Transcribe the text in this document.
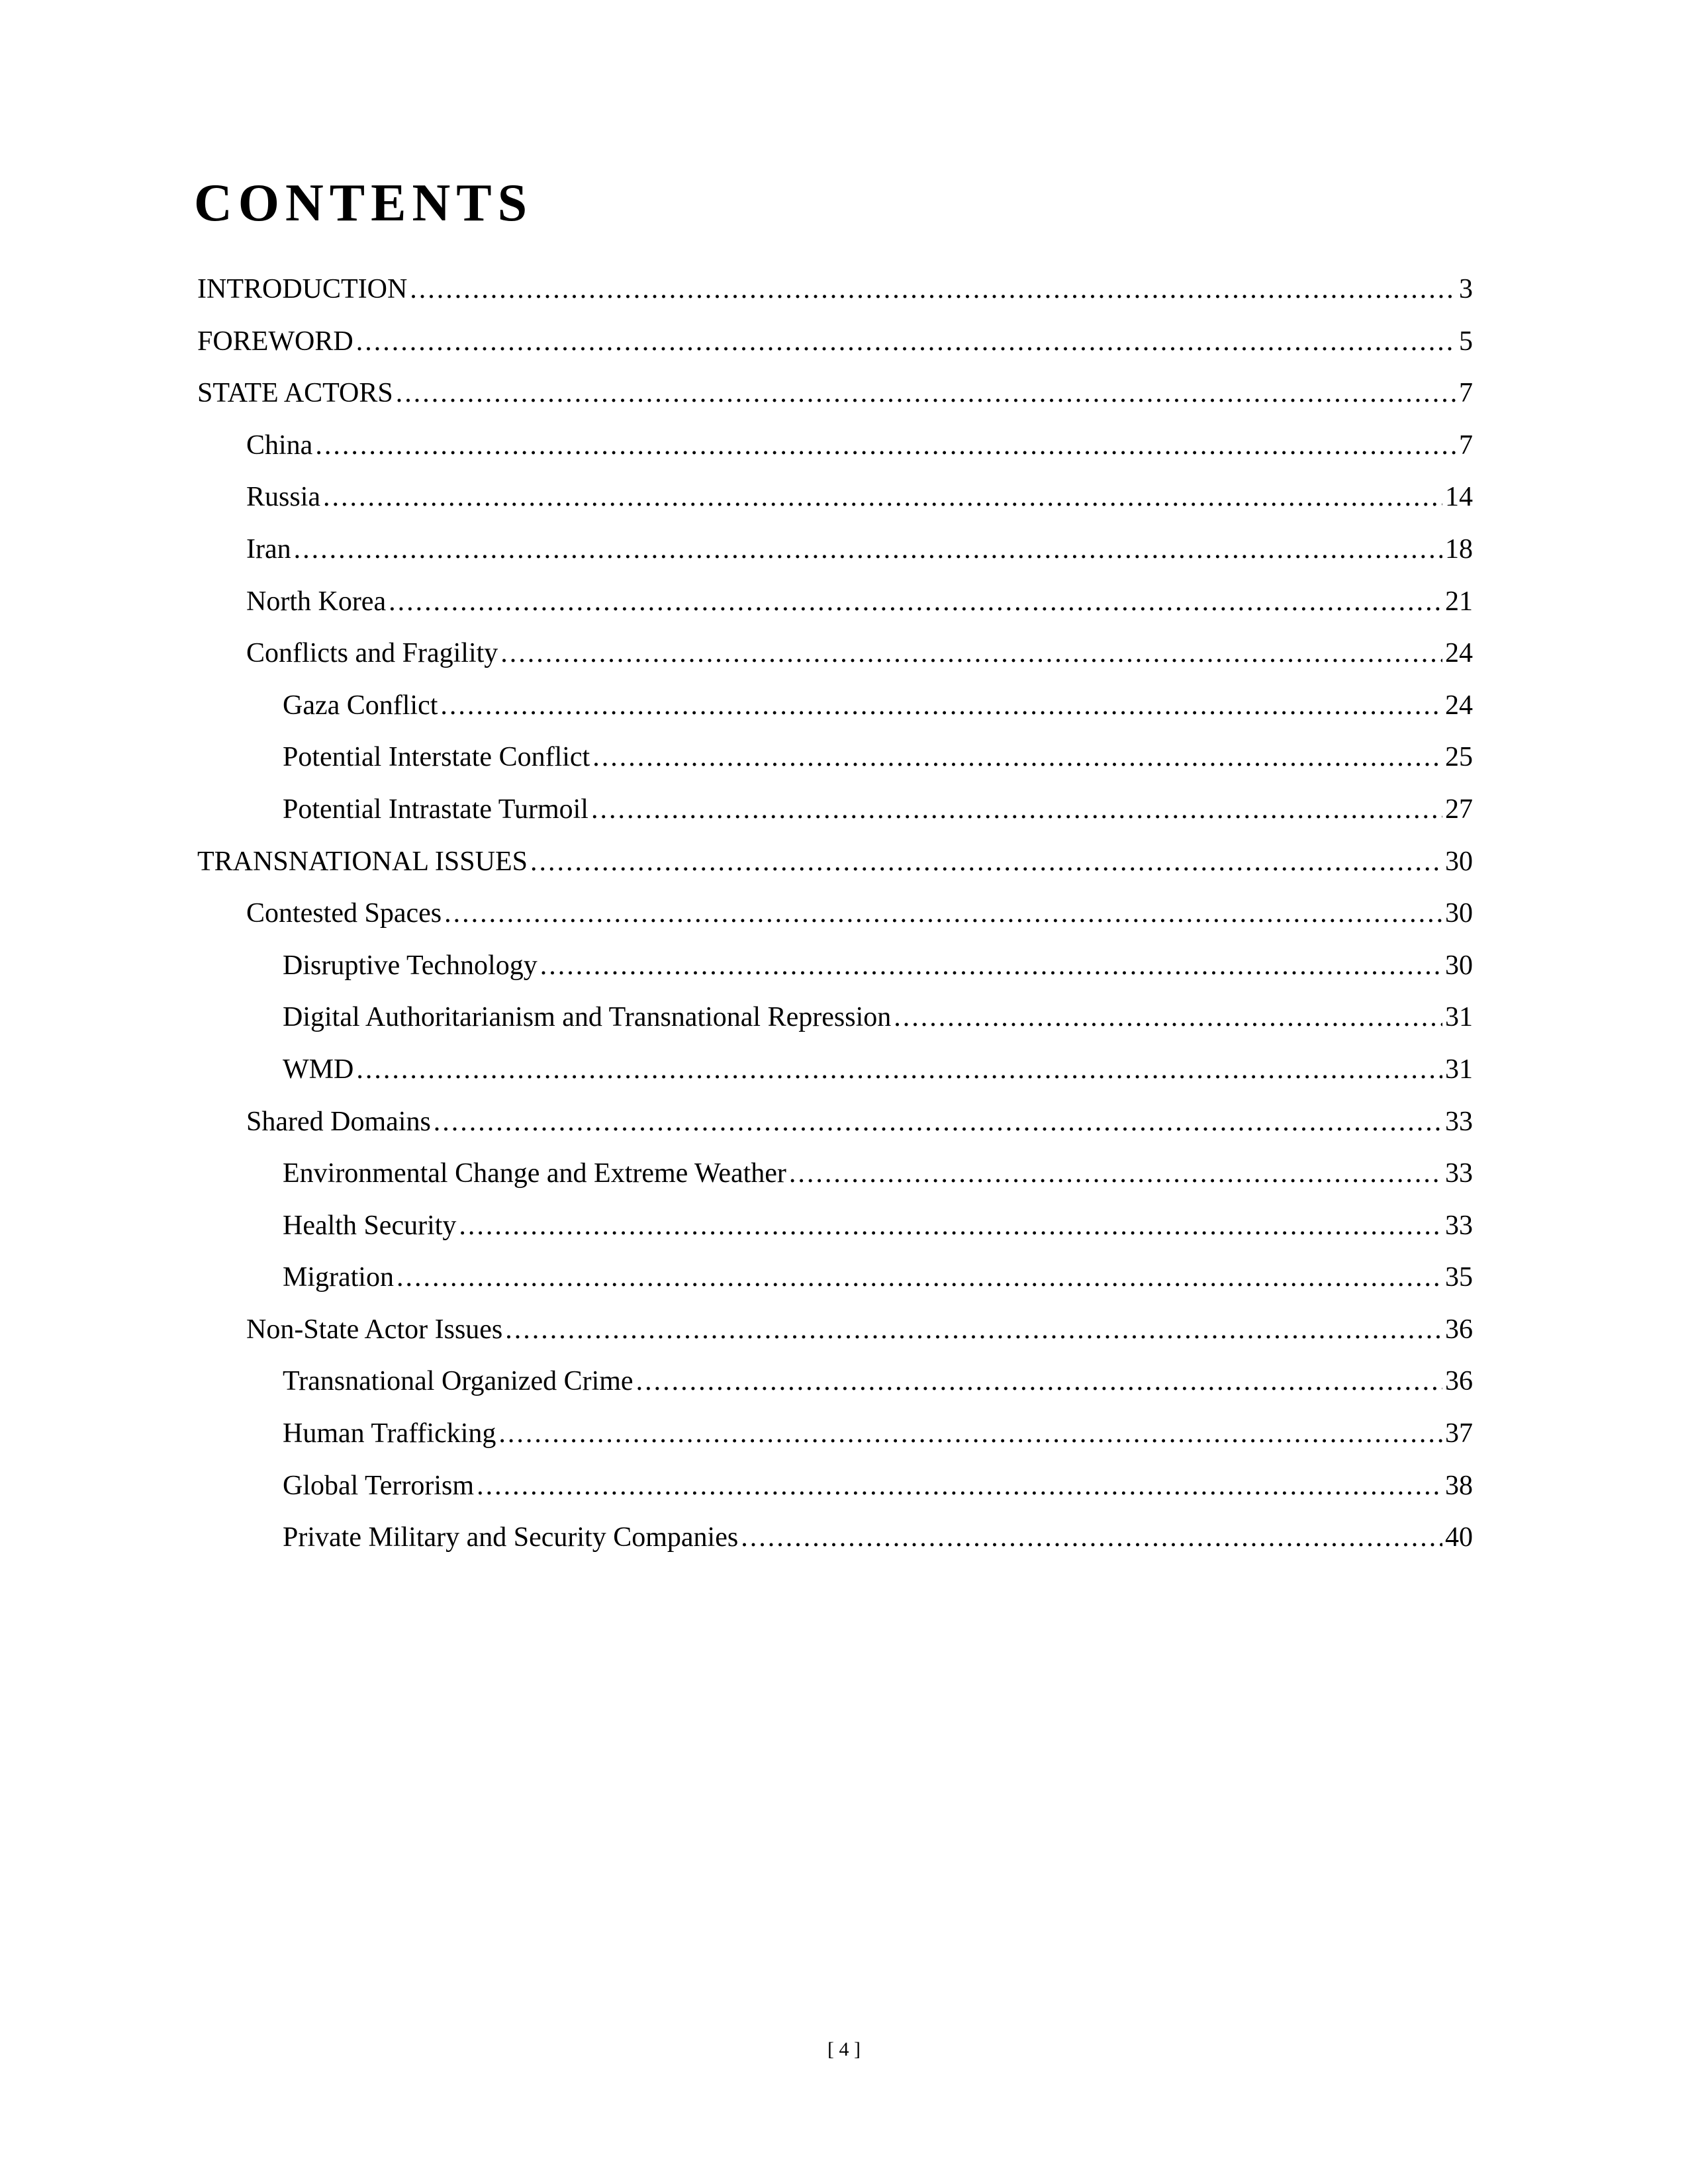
CONTENTS
INTRODUCTION .....	3
FOREWORD .....	5
STATE ACTORS .....	7
China .....	7
Russia .....	14
Iran .....	18
North Korea .....	21
Conflicts and Fragility .....	24
Gaza Conflict .....	24
Potential Interstate Conflict .....	25
Potential Intrastate Turmoil .....	27
TRANSNATIONAL ISSUES .....	30
Contested Spaces .....	30
Disruptive Technology .....	30
Digital Authoritarianism and Transnational Repression .....	31
WMD .....	31
Shared Domains .....	33
Environmental Change and Extreme Weather .....	33
Health Security .....	33
Migration .....	35
Non-State Actor Issues .....	36
Transnational Organized Crime .....	36
Human Trafficking .....	37
Global Terrorism .....	38
Private Military and Security Companies .....	40
[ 4 ]
